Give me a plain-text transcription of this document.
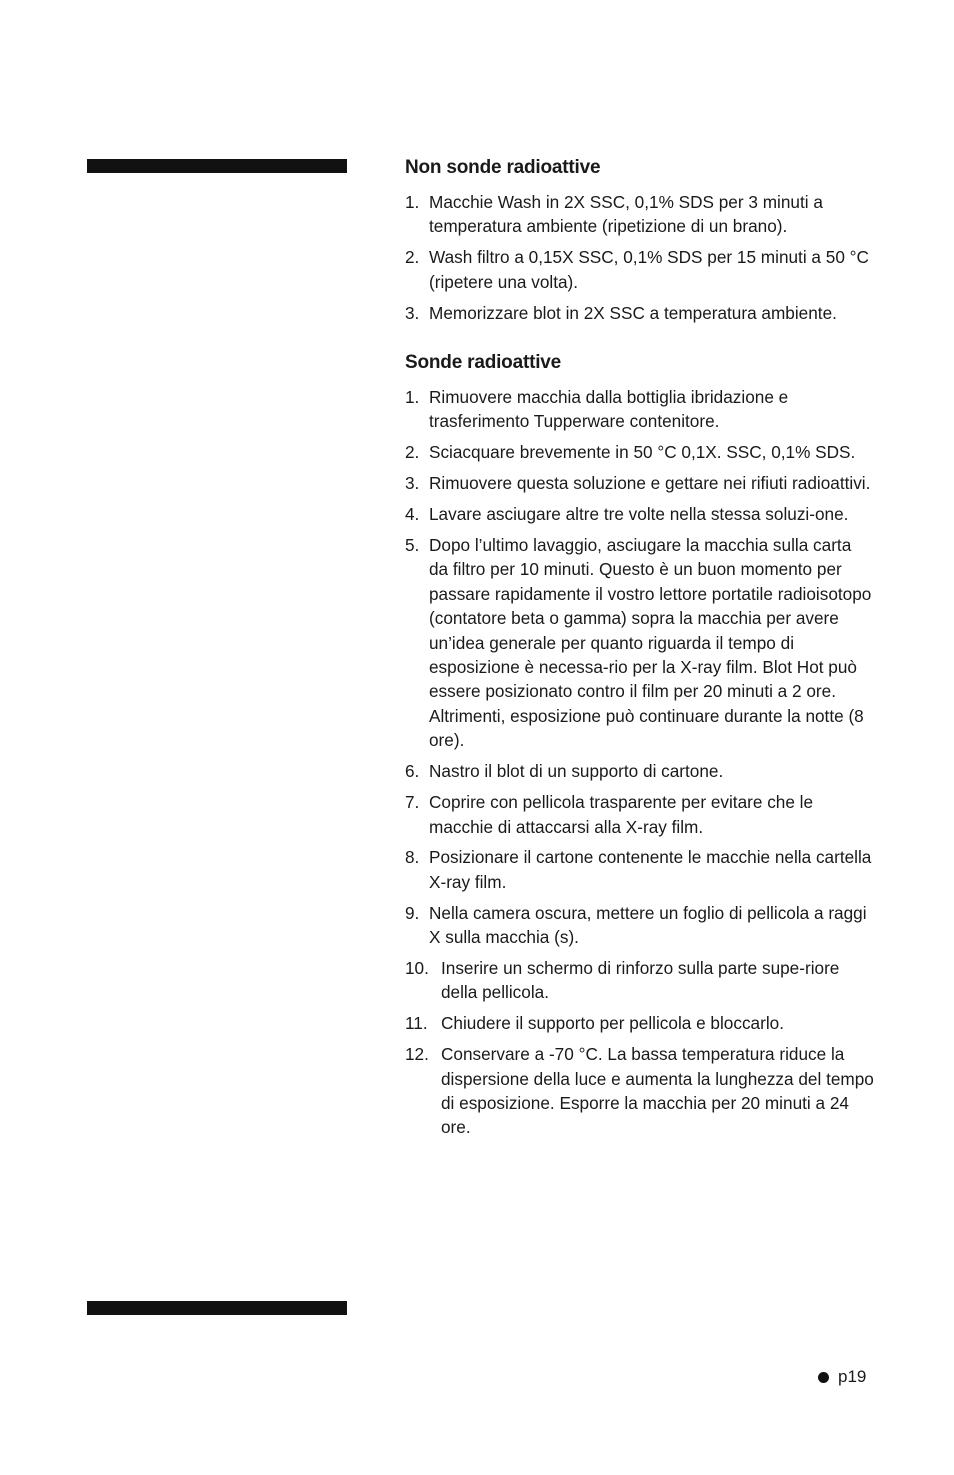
Non sonde radioattive
1. Macchie Wash in 2X SSC, 0,1% SDS per 3 minuti a temperatura ambiente (ripetizione di un brano).
2. Wash filtro a 0,15X SSC, 0,1% SDS per 15 minuti a 50 °C (ripetere una volta).
3. Memorizzare blot in 2X SSC a temperatura ambiente.
Sonde radioattive
1. Rimuovere macchia dalla bottiglia ibridazione e trasferimento Tupperware contenitore.
2. Sciacquare brevemente in 50 °C 0,1X. SSC, 0,1% SDS.
3. Rimuovere questa soluzione e gettare nei rifiuti radioattivi.
4. Lavare asciugare altre tre volte nella stessa soluzi-one.
5. Dopo l’ultimo lavaggio, asciugare la macchia sulla carta da filtro per 10 minuti. Questo è un buon momento per passare rapidamente il vostro lettore portatile radioisotopo (contatore beta o gamma) sopra la macchia per avere un’idea generale per quanto riguarda il tempo di esposizione è necessa-rio per la X-ray film. Blot Hot può essere posizionato contro il film per 20 minuti a 2 ore. Altrimenti, esposizione può continuare durante la notte (8 ore).
6. Nastro il blot di un supporto di cartone.
7. Coprire con pellicola trasparente per evitare che le macchie di attaccarsi alla X-ray film.
8. Posizionare il cartone contenente le macchie nella cartella X-ray film.
9. Nella camera oscura, mettere un foglio di pellicola a raggi X sulla macchia (s).
10. Inserire un schermo di rinforzo sulla parte supe-riore della pellicola.
11. Chiudere il supporto per pellicola e bloccarlo.
12. Conservare a -70 °C. La bassa temperatura riduce la dispersione della luce e aumenta la lunghezza del tempo di esposizione. Esporre la macchia per 20 minuti a 24 ore.
p19
